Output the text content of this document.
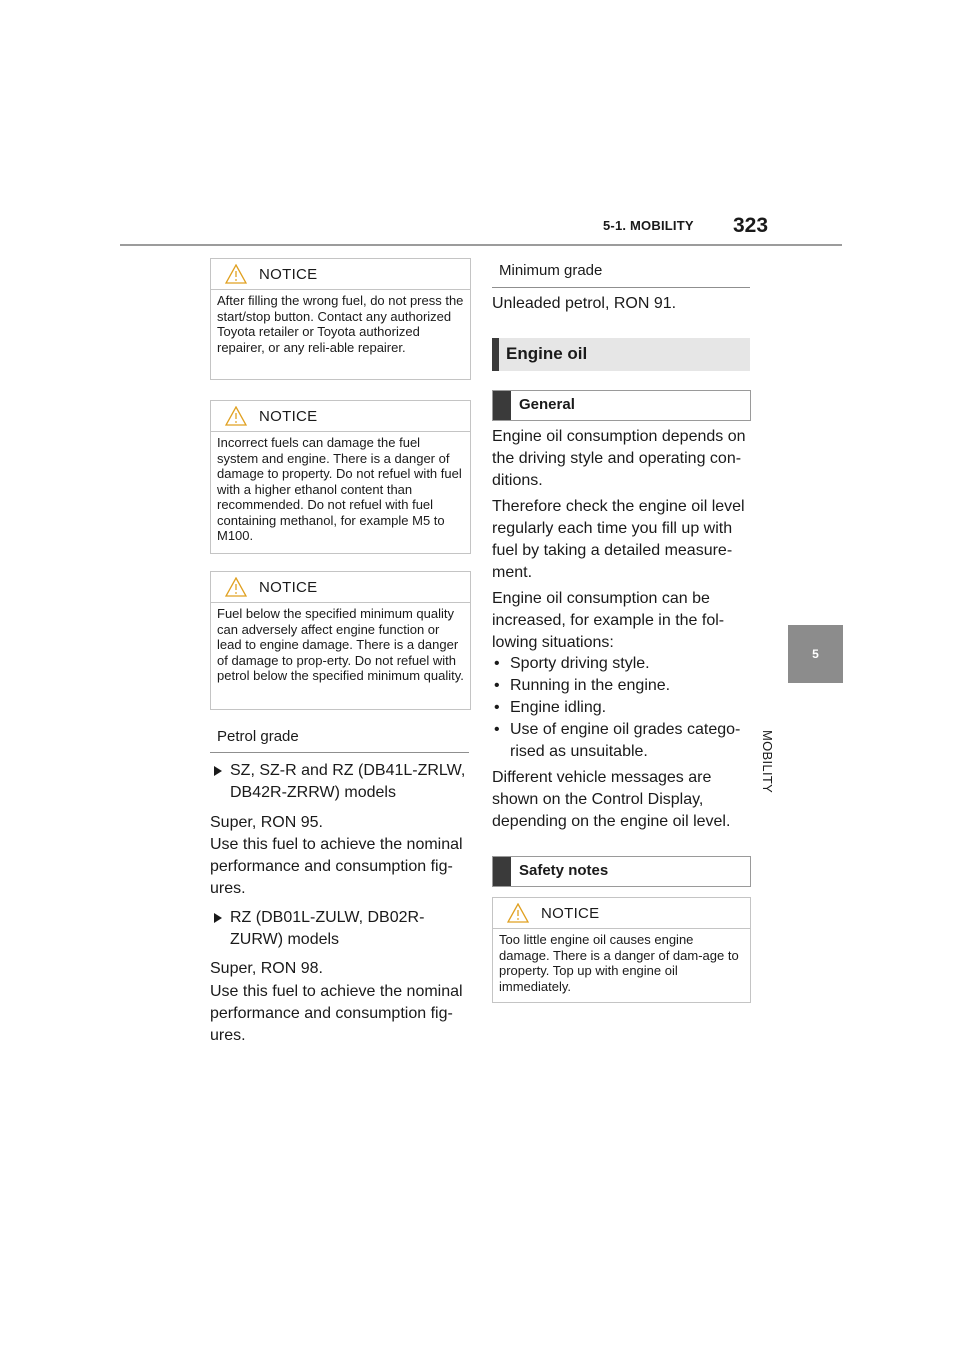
5-1. MOBILITY 323
5
MOBILITY
NOTICE
After filling the wrong fuel, do not press the start/stop button. Contact any authorized Toyota retailer or Toyota authorized repairer, or any reli-able repairer.
NOTICE
Incorrect fuels can damage the fuel system and engine. There is a danger of damage to property. Do not refuel with fuel with a higher ethanol content than recommended. Do not refuel with fuel containing methanol, for example M5 to M100.
NOTICE
Fuel below the specified minimum quality can adversely affect engine function or lead to engine damage. There is a danger of damage to prop-erty. Do not refuel with petrol below the specified minimum quality.
Petrol grade
SZ, SZ-R and RZ (DB41L-ZRLW, DB42R-ZRRW) models
Super, RON 95.
Use this fuel to achieve the nominal performance and consumption fig-ures.
RZ (DB01L-ZULW, DB02R-ZURW) models
Super, RON 98.
Use this fuel to achieve the nominal performance and consumption fig-ures.
Minimum grade
Unleaded petrol, RON 91.
Engine oil
General
Engine oil consumption depends on the driving style and operating con-ditions.
Therefore check the engine oil level regularly each time you fill up with fuel by taking a detailed measure-ment.
Engine oil consumption can be increased, for example in the fol-lowing situations:
• Sporty driving style.
• Running in the engine.
• Engine idling.
• Use of engine oil grades catego-rised as unsuitable.
Different vehicle messages are shown on the Control Display, depending on the engine oil level.
Safety notes
NOTICE
Too little engine oil causes engine damage. There is a danger of dam-age to property. Top up with engine oil immediately.
